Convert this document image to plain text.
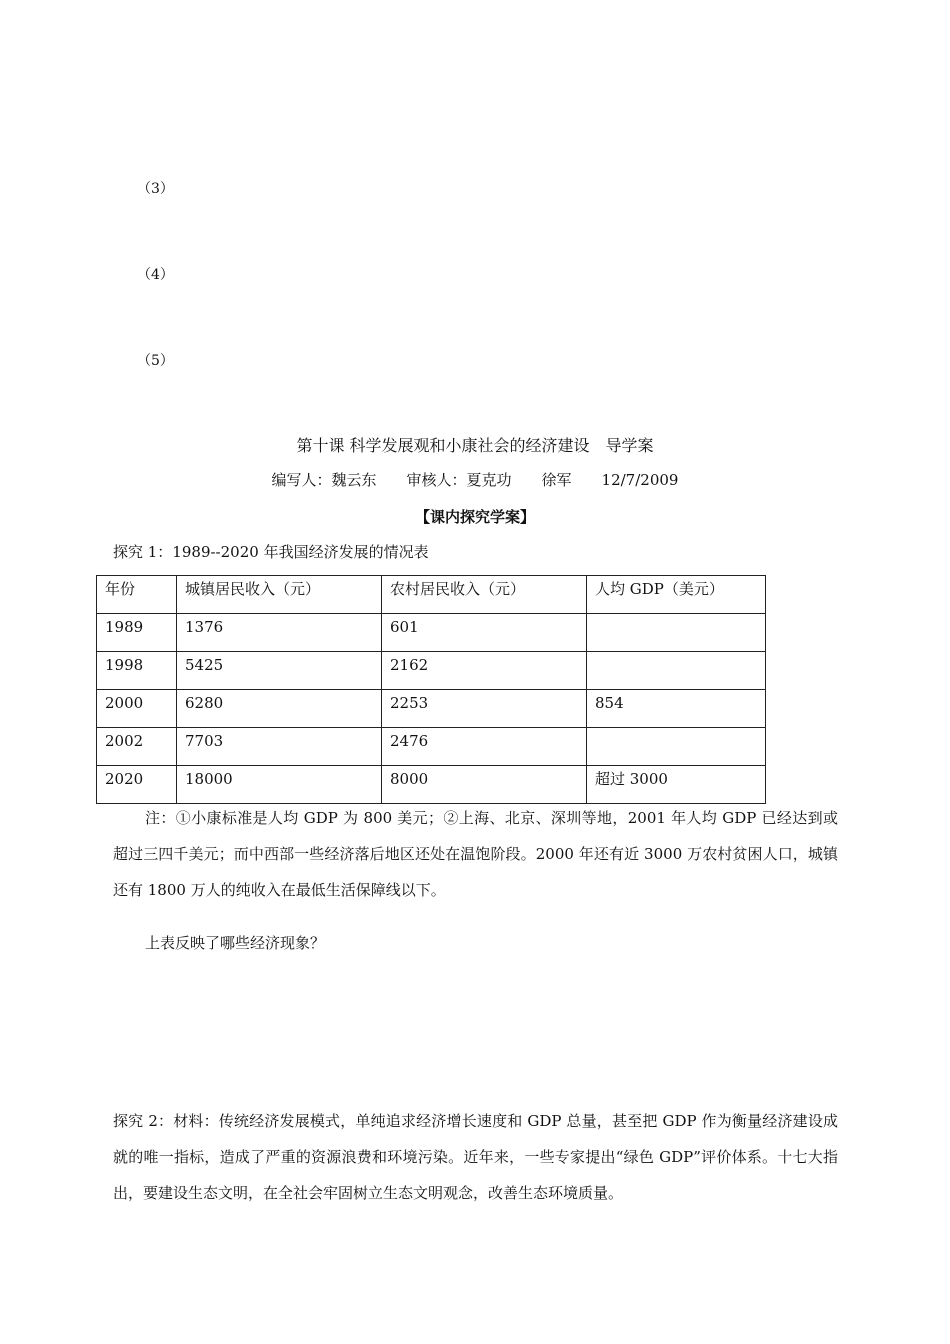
（3）
（4）
（5）
第十课 科学发展观和小康社会的经济建设　导学案
编写人：魏云东　　审核人：夏克功　　徐军　　12/7/2009
【课内探究学案】
探究 1：1989--2020 年我国经济发展的情况表
年份	城镇居民收入（元）	农村居民收入（元）	人均 GDP（美元）
1989	1376	601	
1998	5425	2162	
2000	6280	2253	854
2002	7703	2476	
2020	18000	8000	超过 3000
注：①小康标准是人均 GDP 为 800 美元；②上海、北京、深圳等地，2001 年人均 GDP 已经达到或超过三四千美元；而中西部一些经济落后地区还处在温饱阶段。2000 年还有近 3000 万农村贫困人口，城镇还有 1800 万人的纯收入在最低生活保障线以下。
上表反映了哪些经济现象？
探究 2：材料：传统经济发展模式，单纯追求经济增长速度和 GDP 总量，甚至把 GDP 作为衡量经济建设成就的唯一指标，造成了严重的资源浪费和环境污染。近年来，一些专家提出“绿色 GDP”评价体系。十七大指出，要建设生态文明，在全社会牢固树立生态文明观念，改善生态环境质量。
